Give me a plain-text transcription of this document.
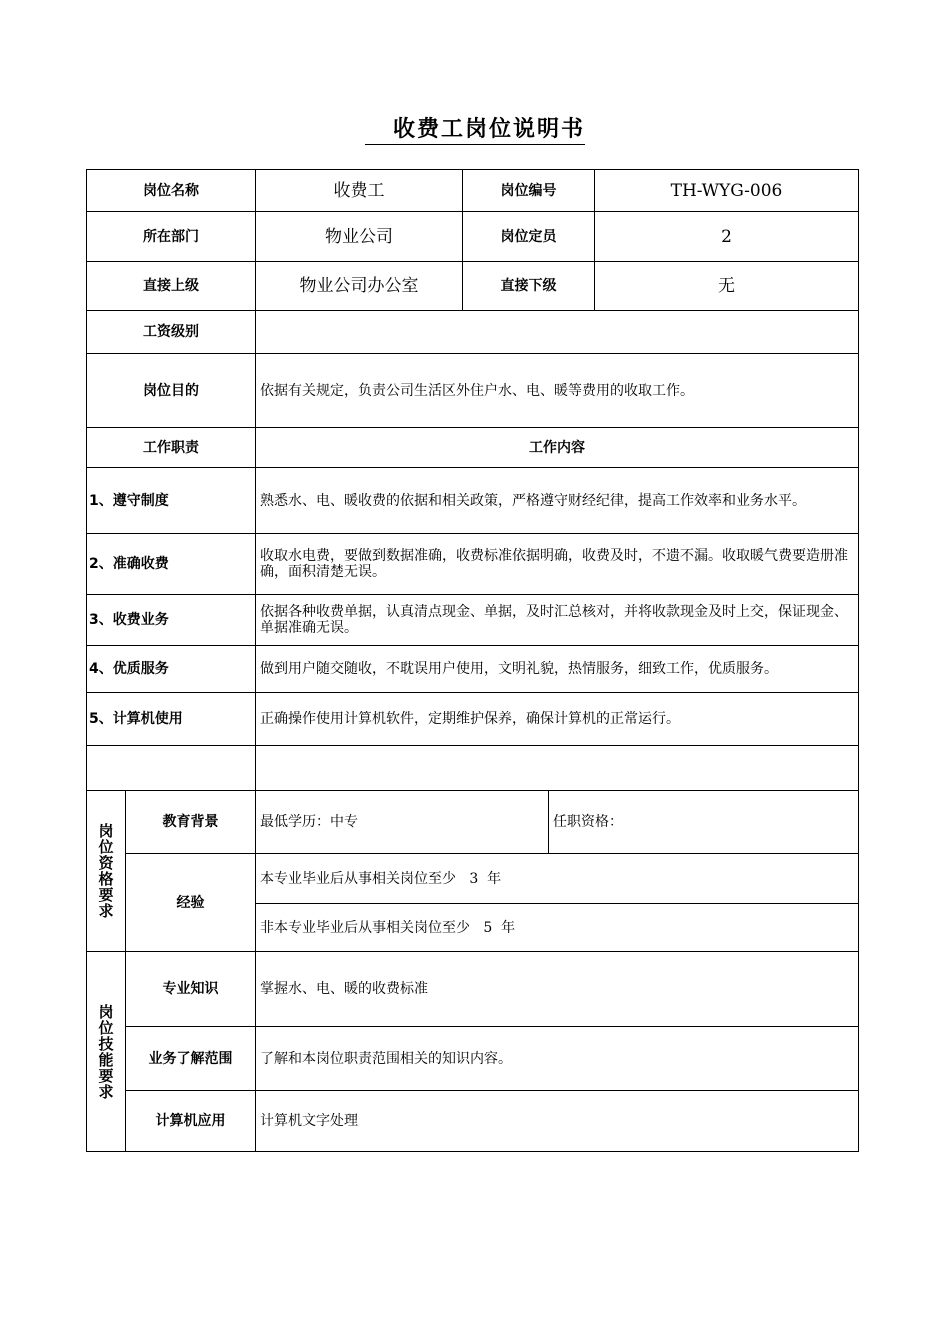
收费工岗位说明书
岗位名称		收费工	岗位编号		TH-WYG-006
所在部门		物业公司	岗位定员		2
直接上级		物业公司办公室	直接下级		无
工资级别					
岗位目的		依据有关规定，负责公司生活区外住户水、电、暖等费用的收取工作。			
工作职责		工作内容			
1、遵守制度		熟悉水、电、暖收费的依据和相关政策，严格遵守财经纪律，提高工作效率和业务水平。			
2、准确收费		收取水电费，要做到数据准确，收费标准依据明确，收费及时，不遗不漏。收取暖气费要造册准确，面积清楚无误。			
3、收费业务		依据各种收费单据，认真清点现金、单据，及时汇总核对，并将收款现金及时上交，保证现金、单据准确无误。			
4、优质服务		做到用户随交随收，不耽误用户使用，文明礼貌，热情服务，细致工作，优质服务。			
5、计算机使用		正确操作使用计算机软件，定期维护保养，确保计算机的正常运行。			

岗位资格要求	教育背景	最低学历：中专		任职资格：	
	经验	本专业毕业后从事相关岗位至少   3  年			
		非本专业毕业后从事相关岗位至少   5  年			
岗位技能要求	专业知识	掌握水、电、暖的收费标准			
	业务了解范围	了解和本岗位职责范围相关的知识内容。			
	计算机应用	计算机文字处理			
